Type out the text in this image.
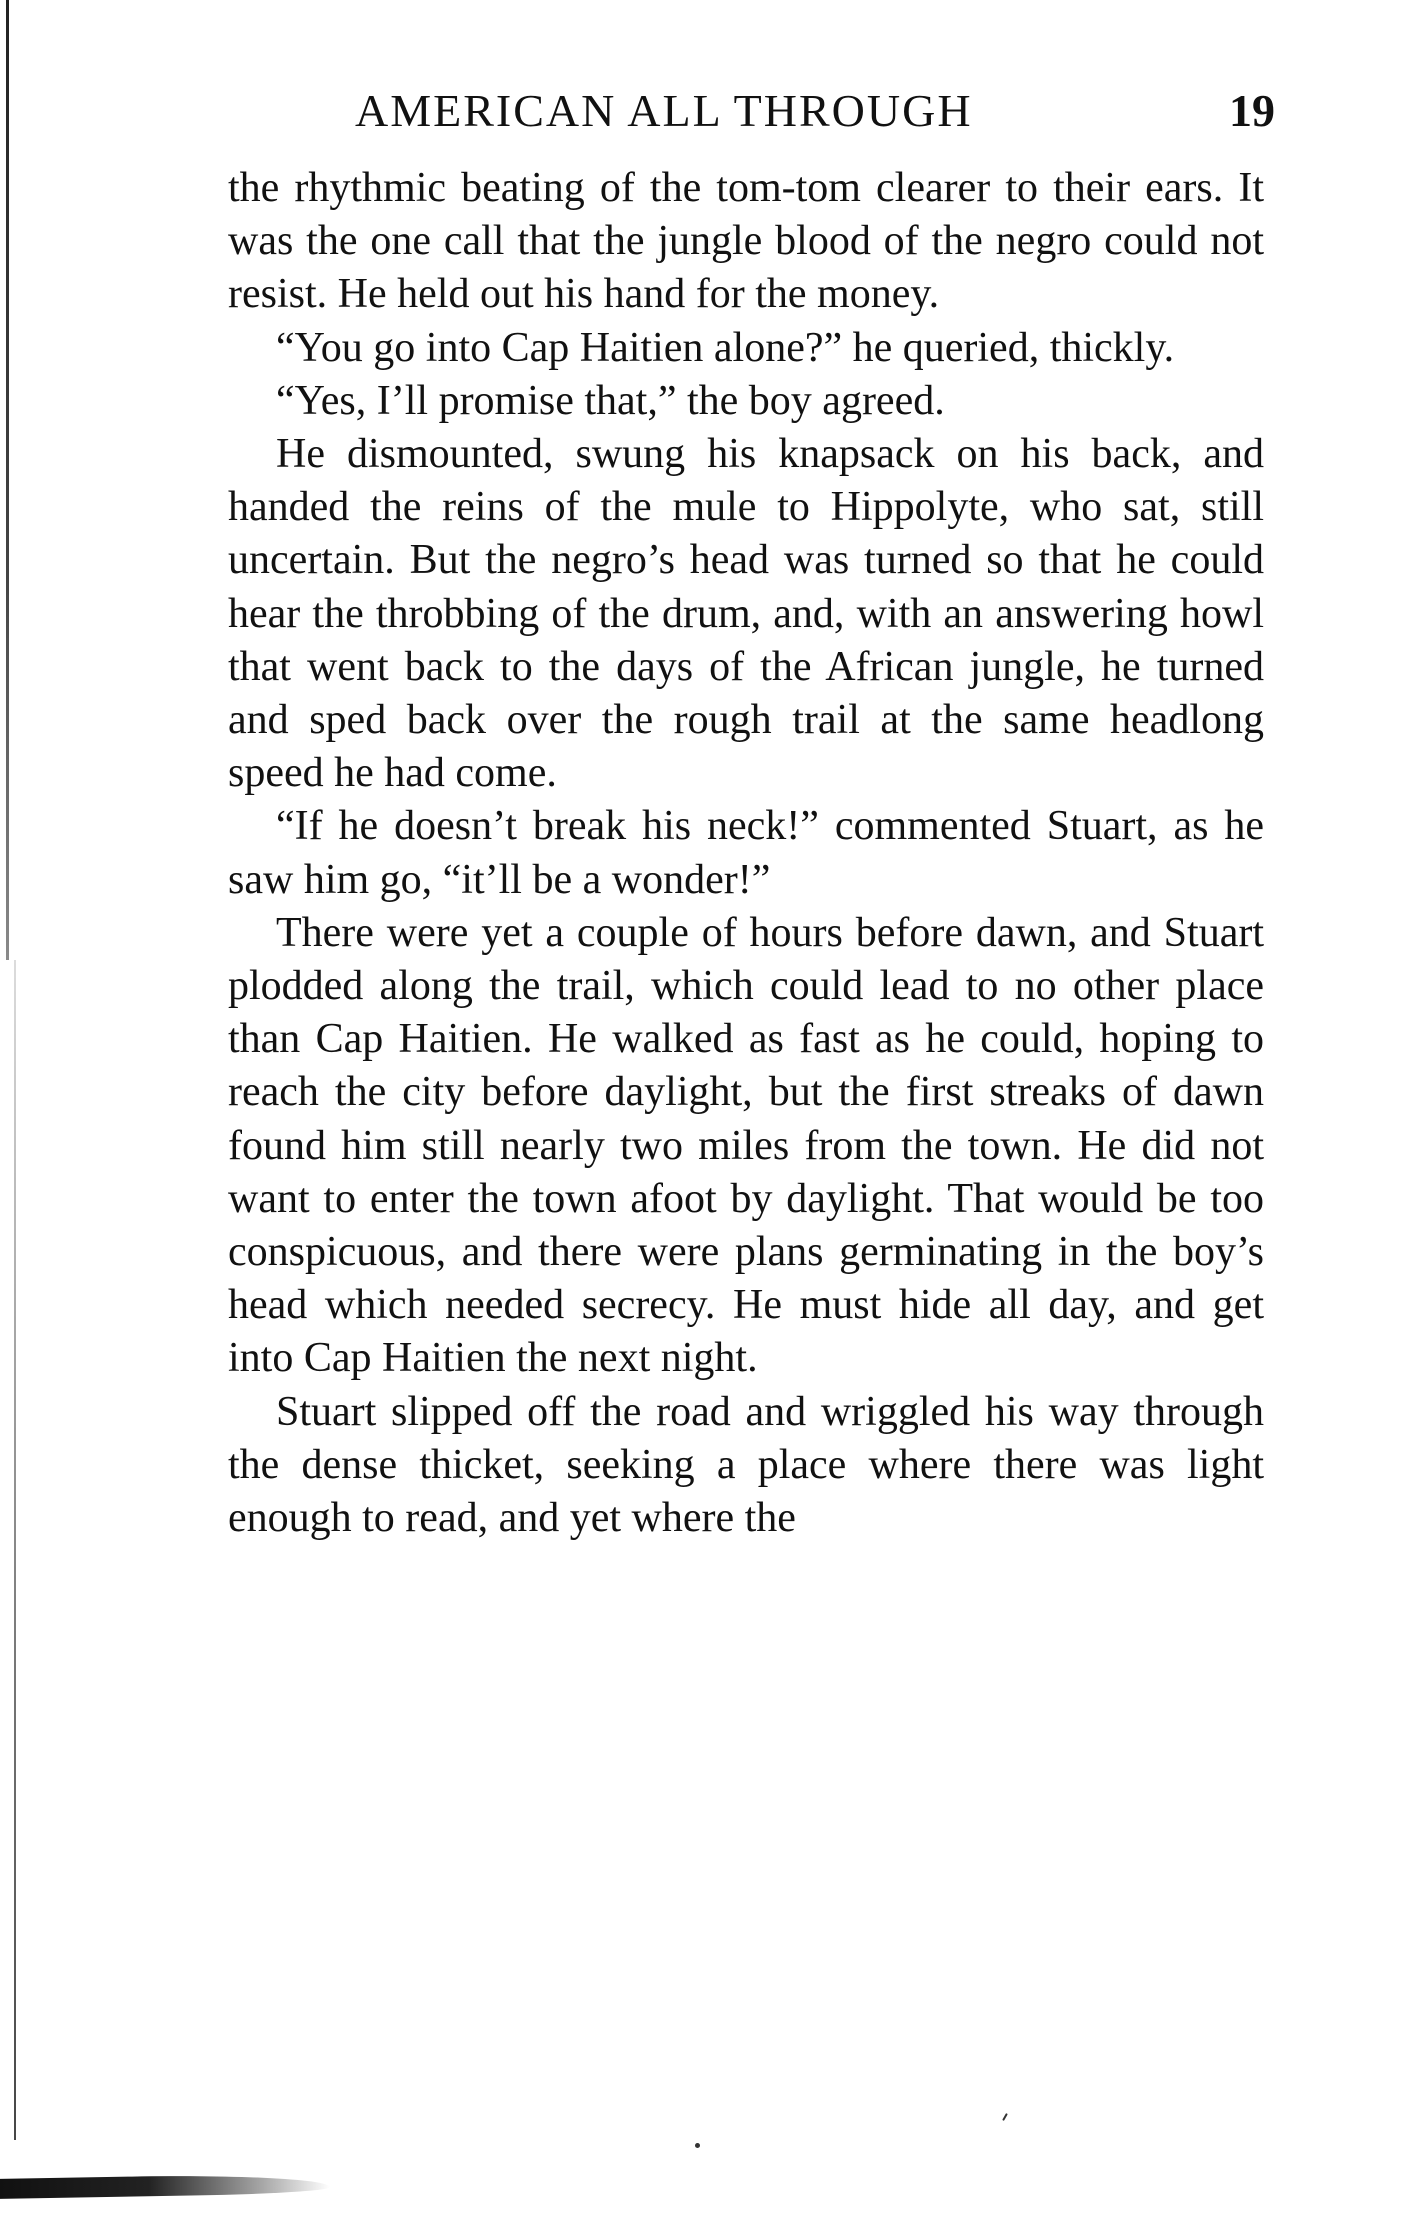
AMERICAN ALL THROUGH	19

the rhythmic beating of the tom-tom clearer to their ears. It was the one call that the jungle blood of the negro could not resist. He held out his hand for the money.

“You go into Cap Haitien alone?” he queried, thickly.

“Yes, I’ll promise that,” the boy agreed.

He dismounted, swung his knapsack on his back, and handed the reins of the mule to Hippolyte, who sat, still uncertain. But the negro’s head was turned so that he could hear the throbbing of the drum, and, with an answering howl that went back to the days of the African jungle, he turned and sped back over the rough trail at the same headlong speed he had come.

“If he doesn’t break his neck!” commented Stuart, as he saw him go, “it’ll be a wonder!”

There were yet a couple of hours before dawn, and Stuart plodded along the trail, which could lead to no other place than Cap Haitien. He walked as fast as he could, hoping to reach the city before daylight, but the first streaks of dawn found him still nearly two miles from the town. He did not want to enter the town afoot by daylight. That would be too conspicuous, and there were plans germinating in the boy’s head which needed secrecy. He must hide all day, and get into Cap Haitien the next night.

Stuart slipped off the road and wriggled his way through the dense thicket, seeking a place where there was light enough to read, and yet where the
